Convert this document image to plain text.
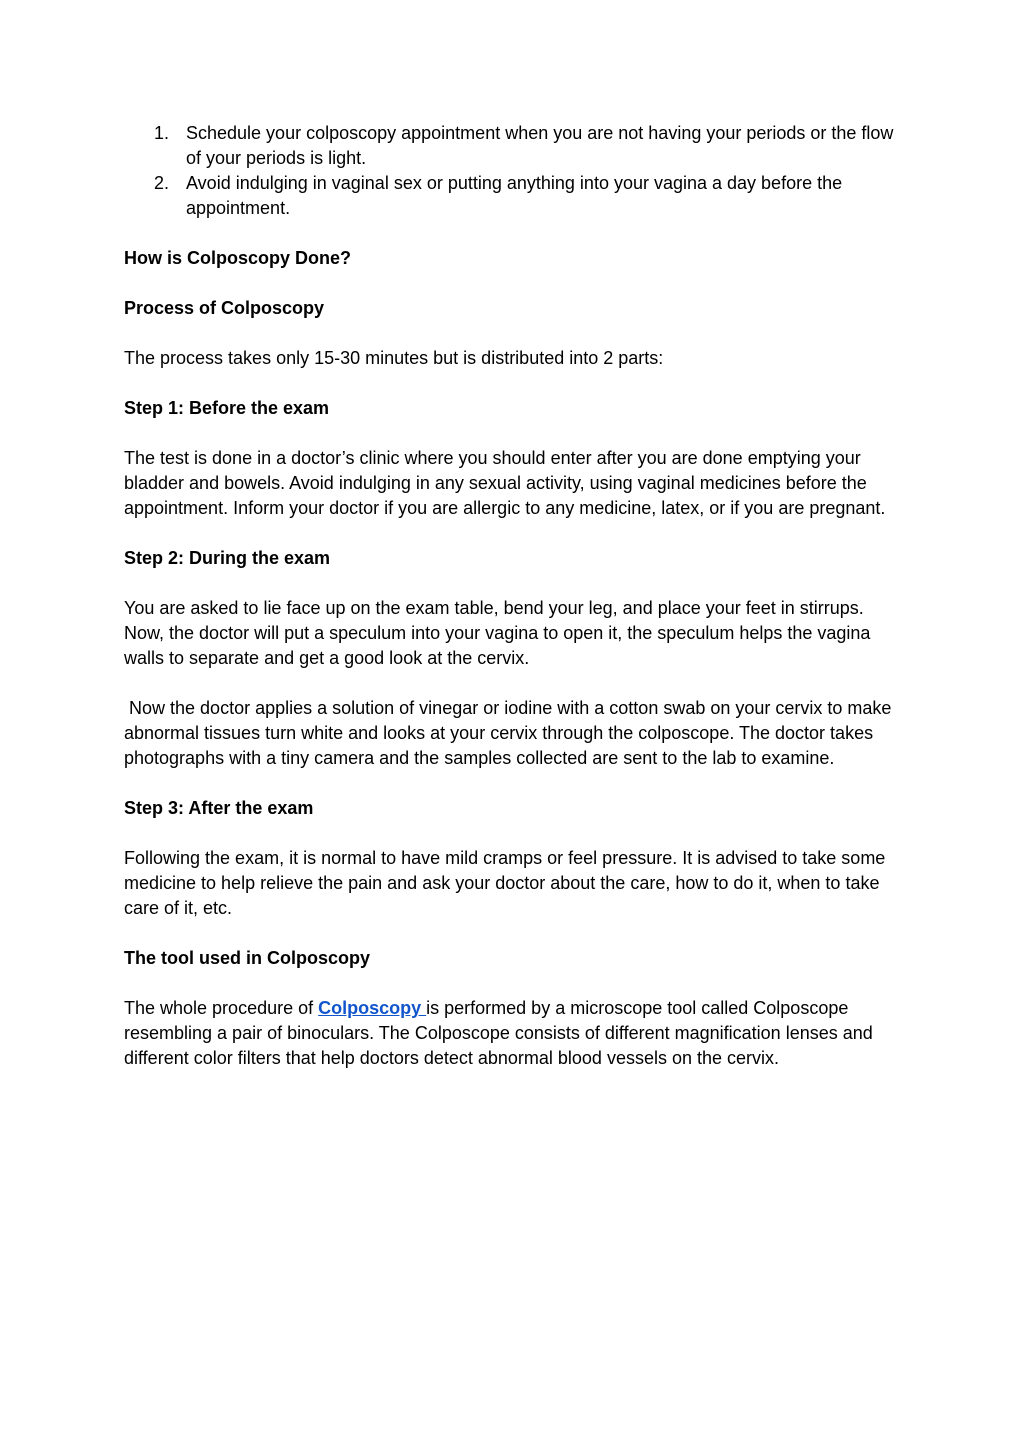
1. Schedule your colposcopy appointment when you are not having your periods or the flow of your periods is light.
2. Avoid indulging in vaginal sex or putting anything into your vagina a day before the appointment.

How is Colposcopy Done?

Process of Colposcopy

The process takes only 15-30 minutes but is distributed into 2 parts:

Step 1: Before the exam

The test is done in a doctor’s clinic where you should enter after you are done emptying your bladder and bowels. Avoid indulging in any sexual activity, using vaginal medicines before the appointment. Inform your doctor if you are allergic to any medicine, latex, or if you are pregnant.

Step 2: During the exam

You are asked to lie face up on the exam table, bend your leg, and place your feet in stirrups. Now, the doctor will put a speculum into your vagina to open it, the speculum helps the vagina walls to separate and get a good look at the cervix.

Now the doctor applies a solution of vinegar or iodine with a cotton swab on your cervix to make abnormal tissues turn white and looks at your cervix through the colposcope. The doctor takes photographs with a tiny camera and the samples collected are sent to the lab to examine.

Step 3: After the exam

Following the exam, it is normal to have mild cramps or feel pressure. It is advised to take some medicine to help relieve the pain and ask your doctor about the care, how to do it, when to take care of it, etc.

The tool used in Colposcopy

The whole procedure of Colposcopy is performed by a microscope tool called Colposcope resembling a pair of binoculars. The Colposcope consists of different magnification lenses and different color filters that help doctors detect abnormal blood vessels on the cervix.
